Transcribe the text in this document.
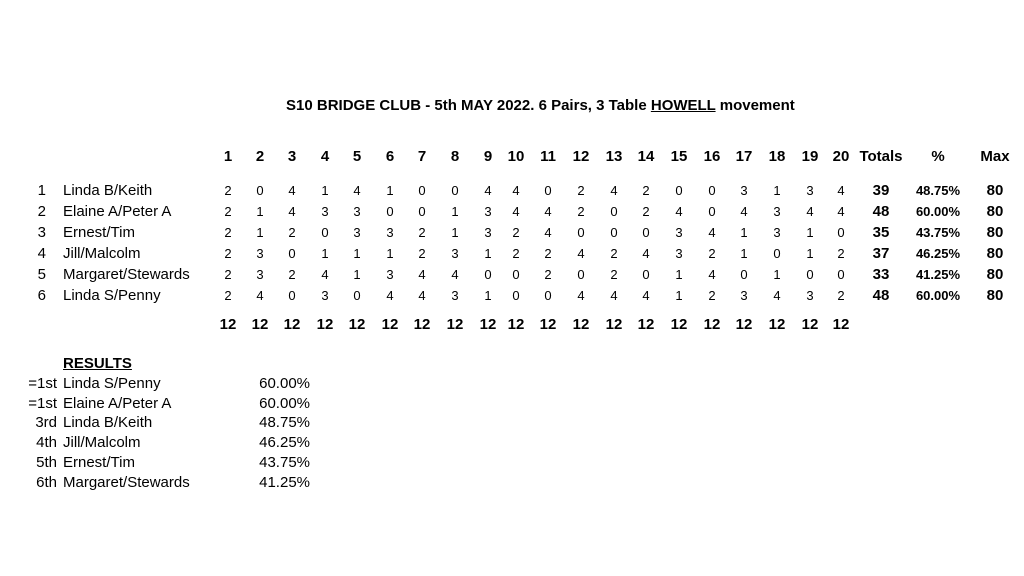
S10 BRIDGE CLUB - 5th MAY 2022. 6 Pairs, 3 Table HOWELL movement
1	2	3	4	5	6	7	8	9	10	11	12	13	14	15	16	17	18	19 20 Totals	%	Max
1 Linda B/Keith	2	0	4	1	4	1	0	0	4	4	0	2	4	2	0	0	3	1	3	4	39	48.75%	80
2 Elaine A/Peter A	2	1	4	3	3	0	0	1	3	4	4	2	0	2	4	0	4	3	4	4	48	60.00%	80
3 Ernest/Tim	2	1	2	0	3	3	2	1	3	2	4	0	0	0	3	4	1	3	1	0	35	43.75%	80
4 Jill/Malcolm	2	3	0	1	1	1	2	3	1	2	2	4	2	4	3	2	1	0	1	2	37	46.25%	80
5 Margaret/Stewards	2	3	2	4	1	3	4	4	0	0	2	0	2	0	1	4	0	1	0	0	33	41.25%	80
6 Linda S/Penny	2	4	0	3	0	4	4	3	1	0	0	4	4	4	1	2	3	4	3	2	48	60.00%	80
12	12	12	12	12	12	12	12	12 12	12	12	12	12	12	12	12	12	12 12
RESULTS
=1st Linda S/Penny	60.00%
=1st Elaine A/Peter A	60.00%
3rd Linda B/Keith	48.75%
4th Jill/Malcolm	46.25%
5th Ernest/Tim	43.75%
6th Margaret/Stewards	41.25%
